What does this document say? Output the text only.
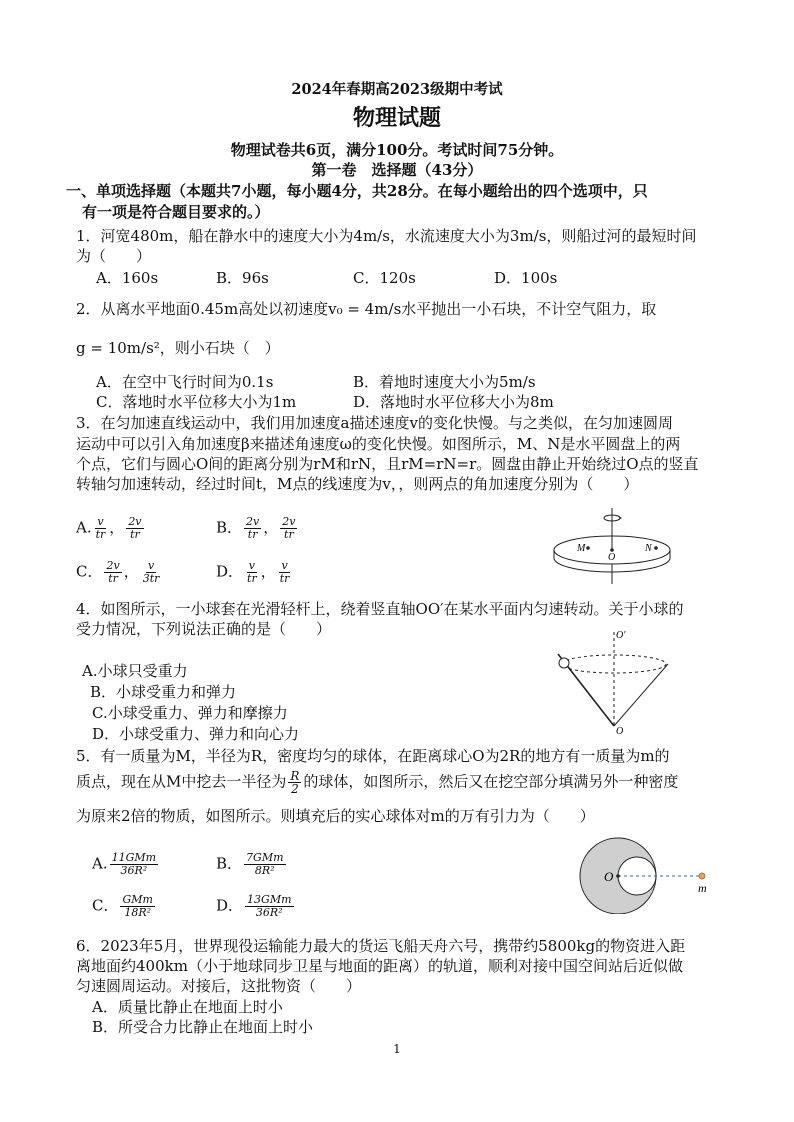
2024年春期高2023级期中考试
物理试题
物理试卷共6页，满分100分。考试时间75分钟。
第一卷　选择题（43分）
一、单项选择题（本题共7小题，每小题4分，共28分。在每小题给出的四个选项中，只
有一项是符合题目要求的。）
1．河宽480m，船在静水中的速度大小为4m/s，水流速度大小为3m/s，则船过河的最短时间
为（　　）
A．160s	B．96s	C．120s	D．100s
2．从离水平地面0.45m高处以初速度v₀ = 4m/s水平抛出一小石块，不计空气阻力，取
g = 10m/s²，则小石块（　）
A．在空中飞行时间为0.1s	B．着地时速度大小为5m/s
C．落地时水平位移大小为1m	D．落地时水平位移大小为8m
3．在匀加速直线运动中，我们用加速度a描述速度v的变化快慢。与之类似，在匀加速圆周
运动中可以引入角加速度β来描述角速度ω的变化快慢。如图所示，M、N是水平圆盘上的两
个点，它们与圆心O间的距离分别为rM和rN，且rM=rN=r。圆盘由静止开始绕过O点的竖直
转轴匀加速转动，经过时间t，M点的线速度为v，，则两点的角加速度分别为（　　）
A. $\frac{v}{tr}$ ， $\frac{2v}{tr}$	B． $\frac{2v}{tr}$ ， $\frac{2v}{tr}$
C． $\frac{2v}{tr}$ ， $\frac{v}{3tr}$	D． $\frac{v}{tr}$ ， $\frac{v}{tr}$
M
O
N
4．如图所示，一小球套在光滑轻杆上，绕着竖直轴OO′在某水平面内匀速转动。关于小球的
受力情况，下列说法正确的是（　　）
A.小球只受重力
B．小球受重力和弹力
C.小球受重力、弹力和摩擦力
D．小球受重力、弹力和向心力
O′
O
5．有一质量为M，半径为R，密度均匀的球体，在距离球心O为2R的地方有一质量为m的
质点，现在从M中挖去一半径为 $\frac{R}{2}$ 的球体，如图所示，然后又在挖空部分填满另外一种密度
为原来2倍的物质，如图所示。则填充后的实心球体对m的万有引力为（　　）
A. $\frac{\text{11GMm}}{\text{36R²}}$	B． $\frac{\text{7GMm}}{\text{8R²}}$
C． $\frac{\text{GMm}}{\text{18R²}}$	D． $\frac{\text{13GMm}}{\text{36R²}}$
O
m
6．2023年5月，世界现役运输能力最大的货运飞船天舟六号，携带约5800kg的物资进入距
离地面约400km（小于地球同步卫星与地面的距离）的轨道，顺利对接中国空间站后近似做
匀速圆周运动。对接后，这批物资（　　）
A．质量比静止在地面上时小
B．所受合力比静止在地面上时小
1
